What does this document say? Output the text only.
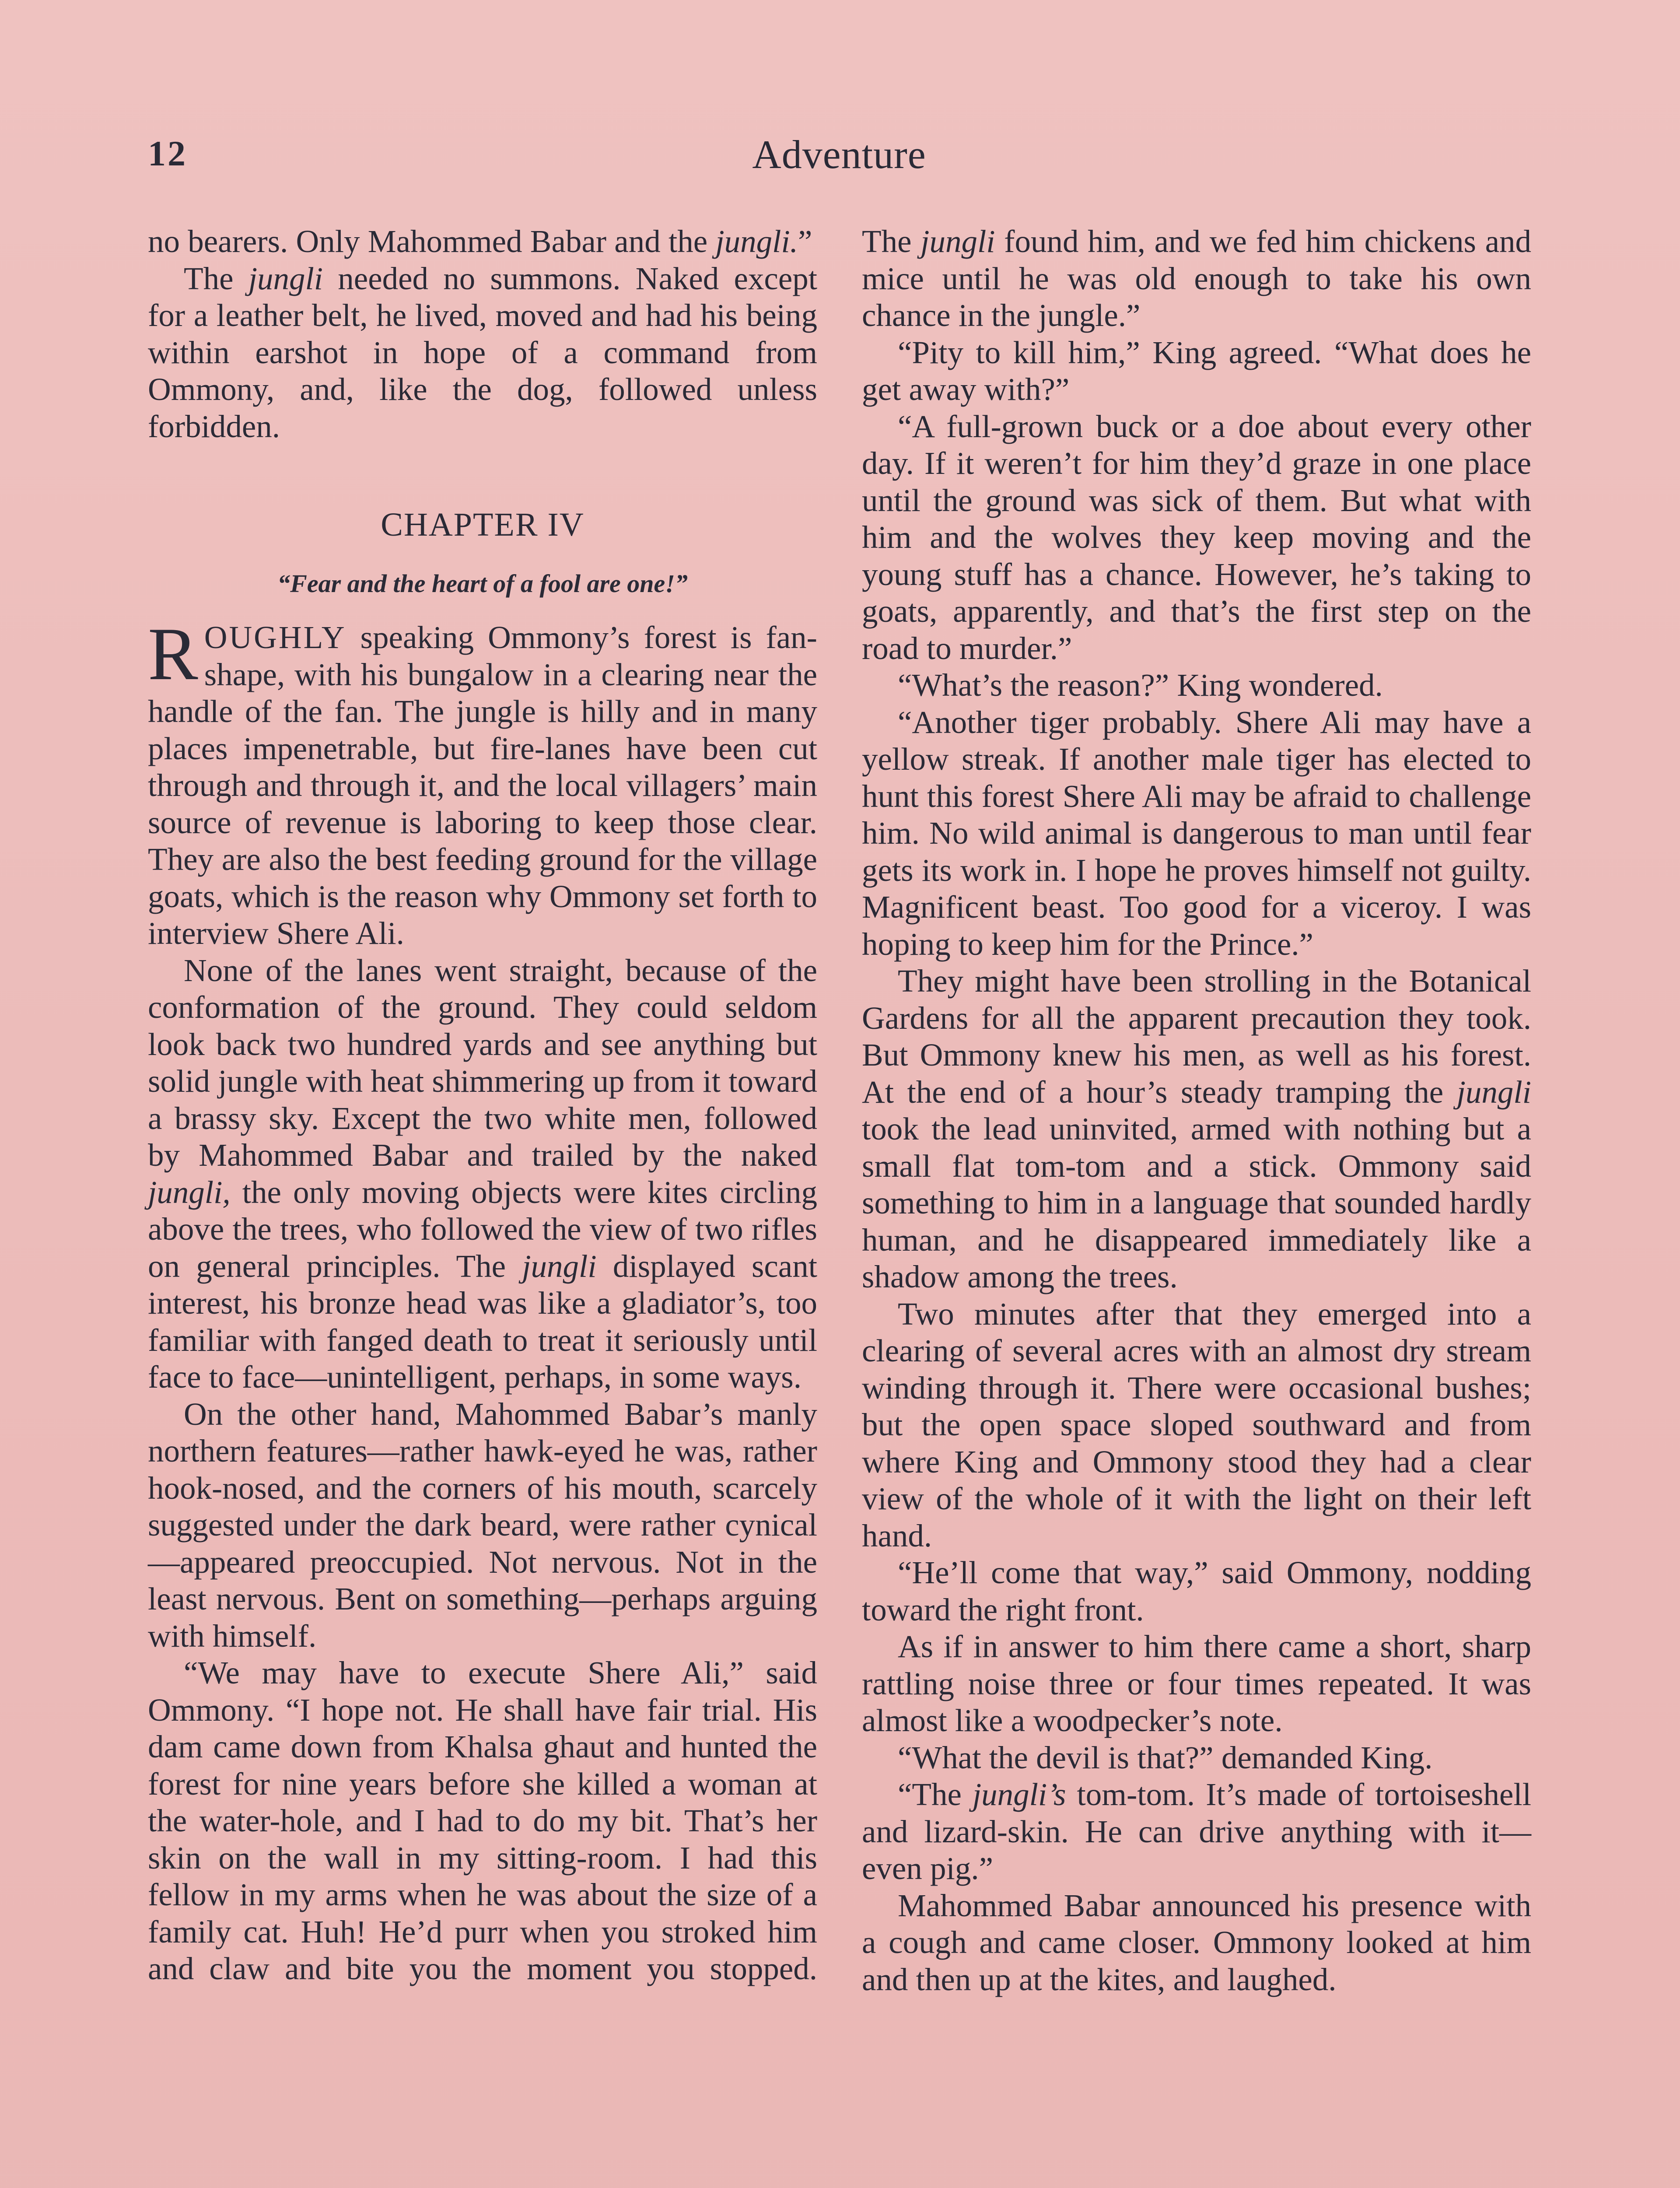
12	Adventure

no bearers. Only Mahommed Babar and the jungli.”

The jungli needed no summons. Naked except for a leather belt, he lived, moved and had his being within earshot in hope of a command from Ommony, and, like the dog, followed unless forbidden.

CHAPTER IV
“Fear and the heart of a fool are one!”

ROUGHLY speaking Ommony’s forest is fan-shape, with his bungalow in a clearing near the handle of the fan. The jungle is hilly and in many places impenetrable, but fire-lanes have been cut through and through it, and the local villagers’ main source of revenue is laboring to keep those clear. They are also the best feeding ground for the village goats, which is the reason why Ommony set forth to interview Shere Ali.

None of the lanes went straight, because of the conformation of the ground. They could seldom look back two hundred yards and see anything but solid jungle with heat shimmering up from it toward a brassy sky. Except the two white men, followed by Mahommed Babar and trailed by the naked jungli, the only moving objects were kites circling above the trees, who followed the view of two rifles on general principles. The jungli displayed scant interest, his bronze head was like a gladiator’s, too familiar with fanged death to treat it seriously until face to face—unintelligent, perhaps, in some ways.

On the other hand, Mahommed Babar’s manly northern features—rather hawk-eyed he was, rather hook-nosed, and the corners of his mouth, scarcely suggested under the dark beard, were rather cynical—appeared preoccupied. Not nervous. Not in the least nervous. Bent on something—perhaps arguing with himself.

“We may have to execute Shere Ali,” said Ommony. “I hope not. He shall have fair trial. His dam came down from Khalsa ghaut and hunted the forest for nine years before she killed a woman at the water-hole, and I had to do my bit. That’s her skin on the wall in my sitting-room. I had this fellow in my arms when he was about the size of a family cat. Huh! He’d purr when you stroked him and claw and bite you the moment you stopped.

The jungli found him, and we fed him chickens and mice until he was old enough to take his own chance in the jungle.”

“Pity to kill him,” King agreed. “What does he get away with?”

“A full-grown buck or a doe about every other day. If it weren’t for him they’d graze in one place until the ground was sick of them. But what with him and the wolves they keep moving and the young stuff has a chance. However, he’s taking to goats, apparently, and that’s the first step on the road to murder.”

“What’s the reason?” King wondered.

“Another tiger probably. Shere Ali may have a yellow streak. If another male tiger has elected to hunt this forest Shere Ali may be afraid to challenge him. No wild animal is dangerous to man until fear gets its work in. I hope he proves himself not guilty. Magnificent beast. Too good for a viceroy. I was hoping to keep him for the Prince.”

They might have been strolling in the Botanical Gardens for all the apparent precaution they took. But Ommony knew his men, as well as his forest. At the end of a hour’s steady tramping the jungli took the lead uninvited, armed with nothing but a small flat tom-tom and a stick. Ommony said something to him in a language that sounded hardly human, and he disappeared immediately like a shadow among the trees.

Two minutes after that they emerged into a clearing of several acres with an almost dry stream winding through it. There were occasional bushes; but the open space sloped southward and from where King and Ommony stood they had a clear view of the whole of it with the light on their left hand.

“He’ll come that way,” said Ommony, nodding toward the right front.

As if in answer to him there came a short, sharp rattling noise three or four times repeated. It was almost like a woodpecker’s note.

“What the devil is that?” demanded King.

“The jungli’s tom-tom. It’s made of tortoiseshell and lizard-skin. He can drive anything with it—even pig.”

Mahommed Babar announced his presence with a cough and came closer. Ommony looked at him and then up at the kites, and laughed.
